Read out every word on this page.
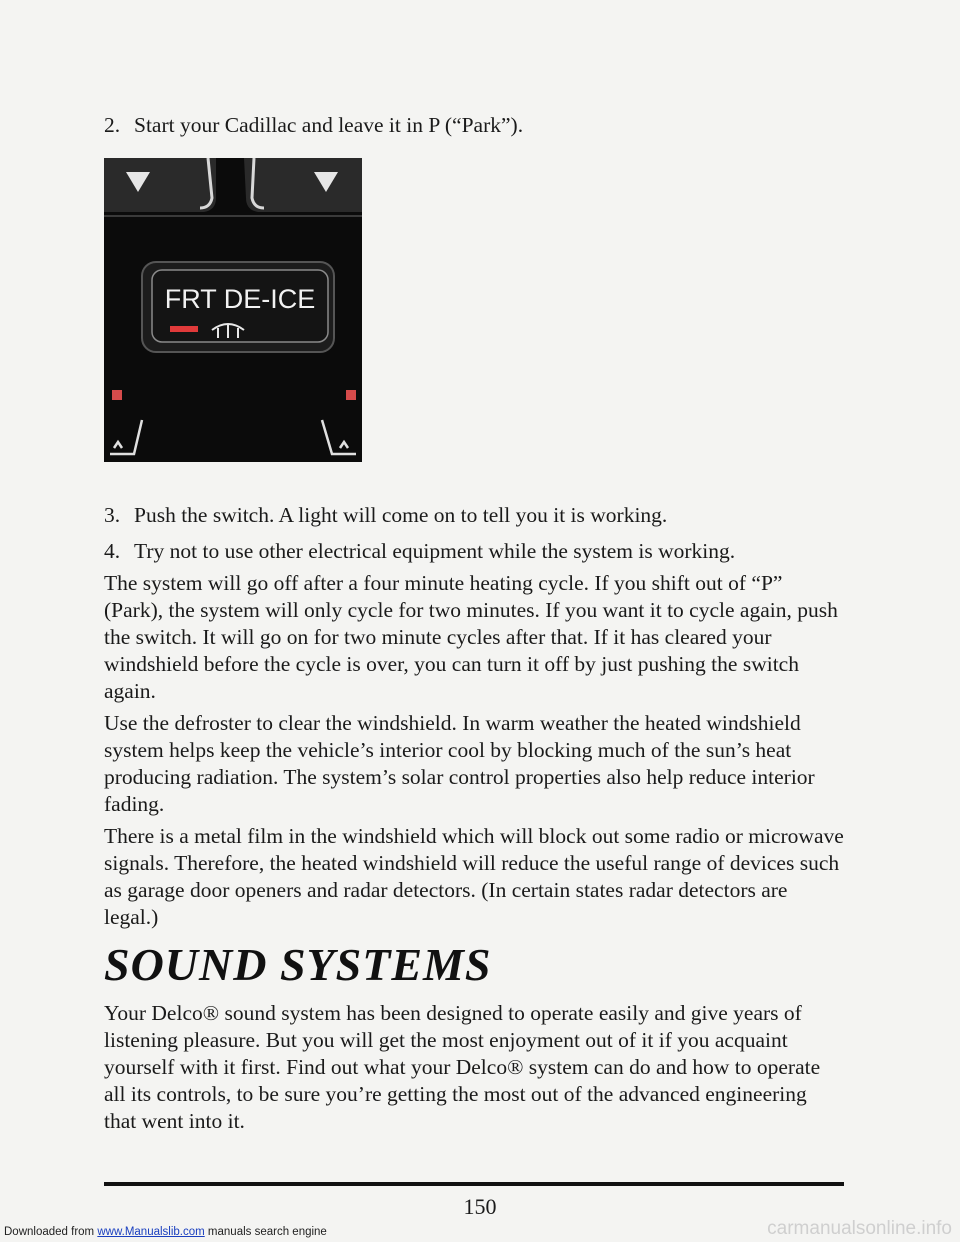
2. Start your Cadillac and leave it in P (“Park”).
FRT DE-ICE
3. Push the switch. A light will come on to tell you it is working.
4. Try not to use other electrical equipment while the system is working.

The system will go off after a four minute heating cycle. If you shift out of “P” (Park), the system will only cycle for two minutes. If you want it to cycle again, push the switch. It will go on for two minute cycles after that. If it has cleared your windshield before the cycle is over, you can turn it off by just pushing the switch again.

Use the defroster to clear the windshield. In warm weather the heated windshield system helps keep the vehicle’s interior cool by blocking much of the sun’s heat producing radiation. The system’s solar control properties also help reduce interior fading.

There is a metal film in the windshield which will block out some radio or microwave signals. Therefore, the heated windshield will reduce the useful range of devices such as garage door openers and radar detectors. (In certain states radar detectors are legal.)

SOUND SYSTEMS

Your Delco® sound system has been designed to operate easily and give years of listening pleasure. But you will get the most enjoyment out of it if you acquaint yourself with it first. Find out what your Delco® system can do and how to operate all its controls, to be sure you’re getting the most out of the advanced engineering that went into it.

150
Downloaded from www.Manualslib.com manuals search engine	carmanualsonline.info
